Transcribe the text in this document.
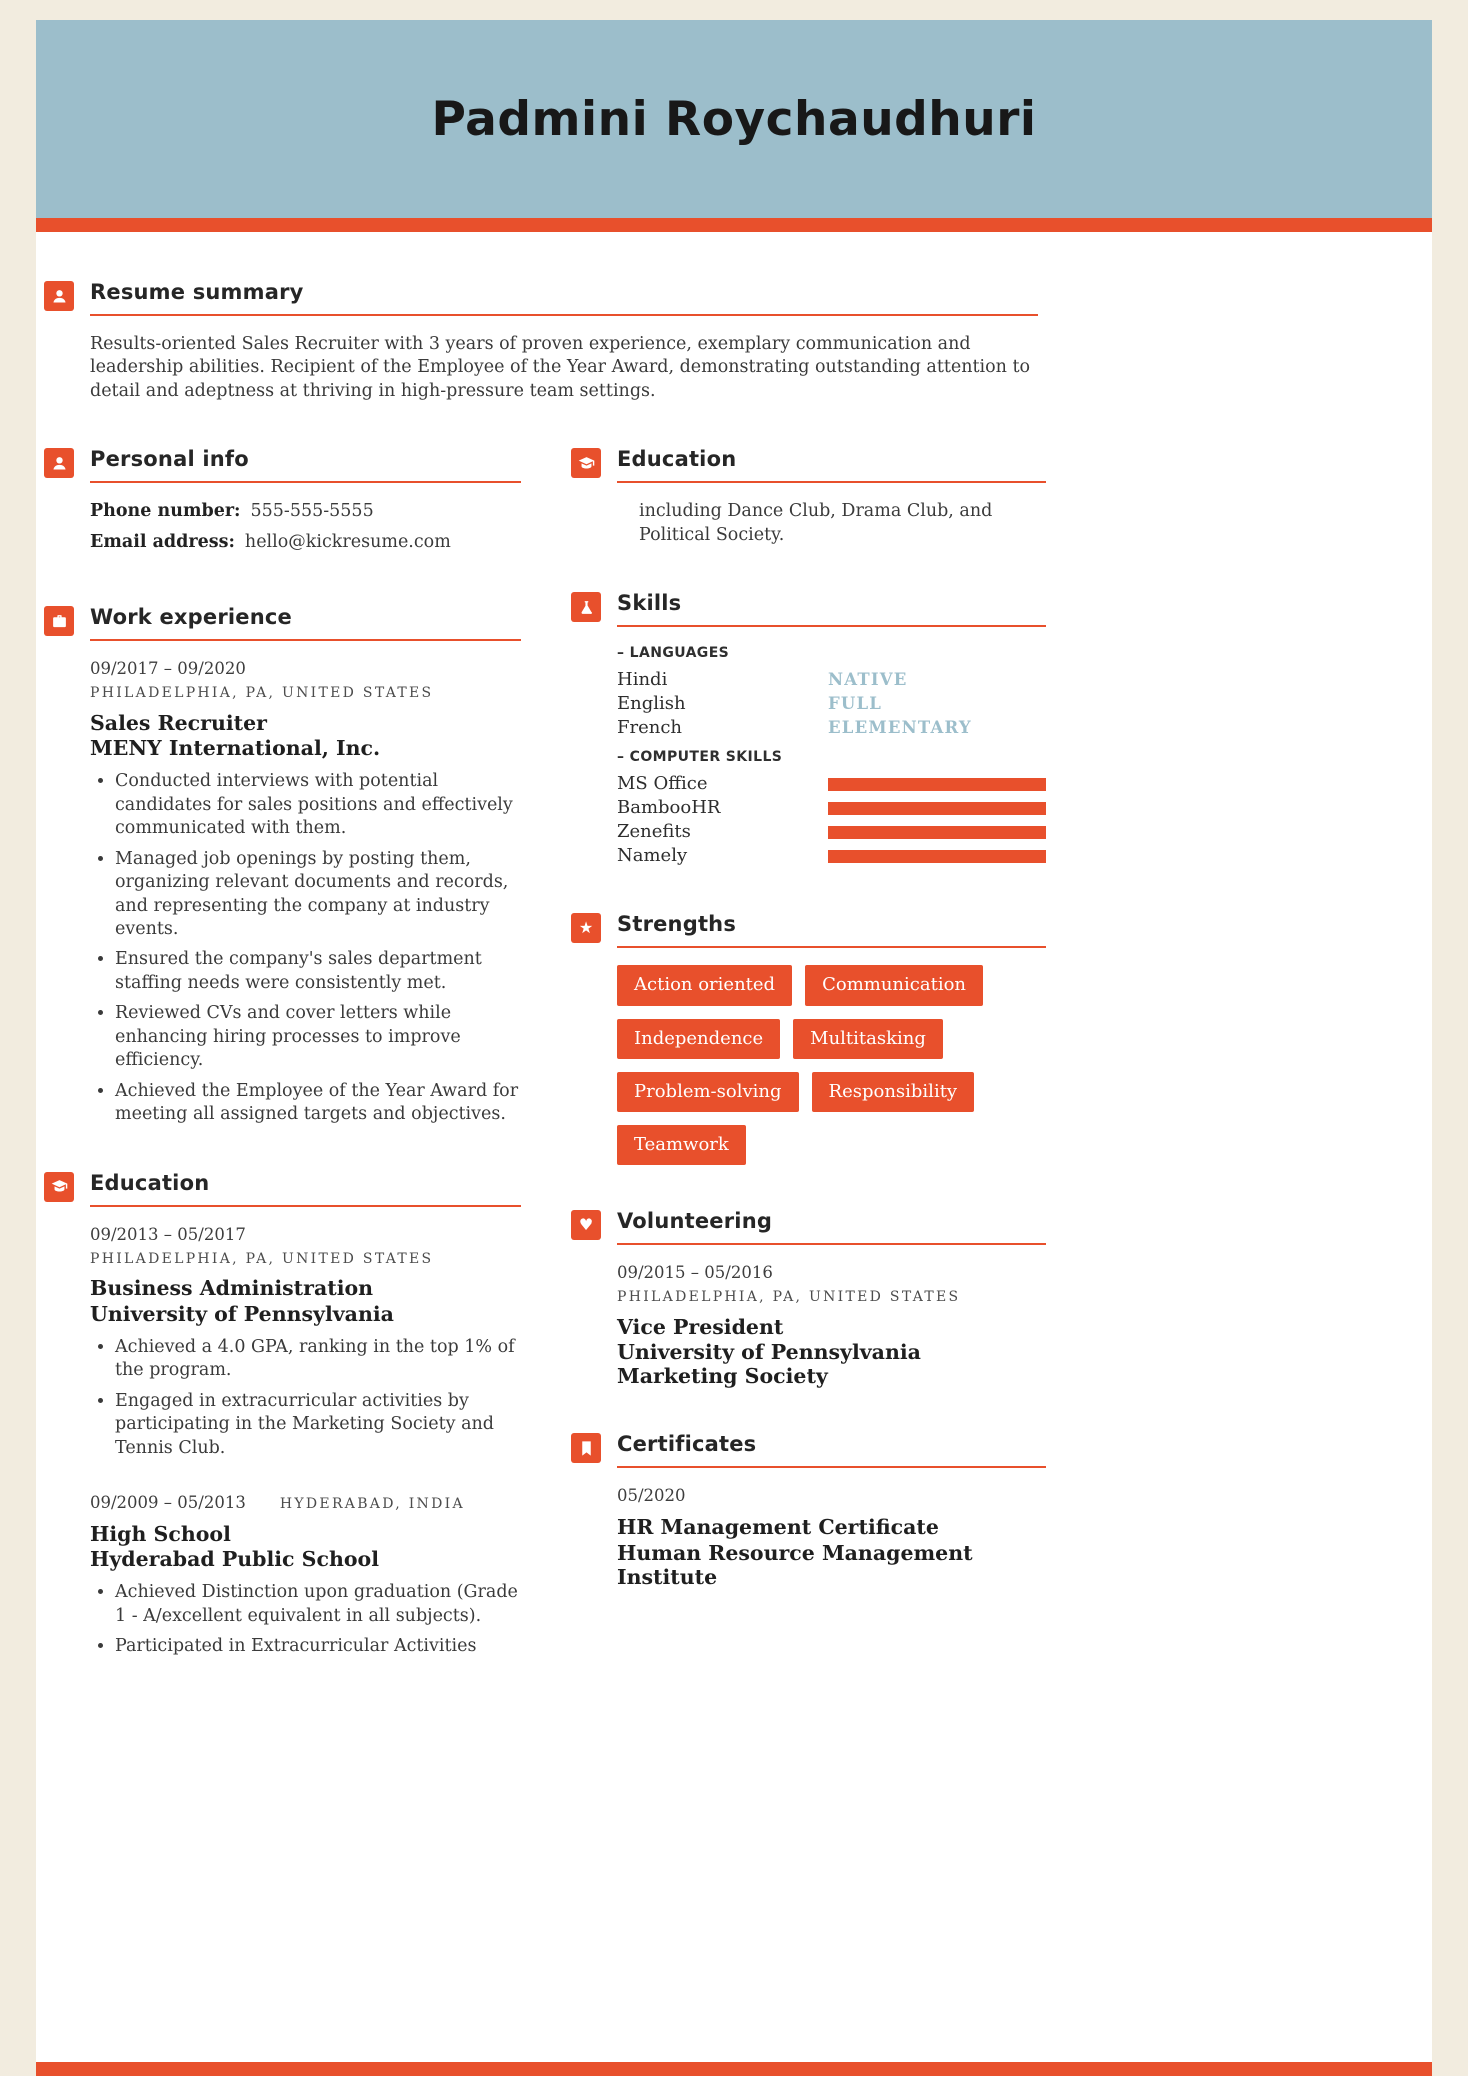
Padmini Roychaudhuri
Resume summary

Results-oriented Sales Recruiter with 3 years of proven experience, exemplary communication and leadership abilities. Recipient of the Employee of the Year Award, demonstrating outstanding attention to detail and adeptness at thriving in high-pressure team settings.

Personal info

Phone number: 555-555-5555

Email address: hello@kickresume.com

Work experience
09/2017 – 09/2020
PHILADELPHIA, PA, UNITED STATES
Sales Recruiter
MENY International, Inc.
• Conducted interviews with potential candidates for sales positions and effectively communicated with them.
• Managed job openings by posting them, organizing relevant documents and records, and representing the company at industry events.
• Ensured the company's sales department staffing needs were consistently met.
• Reviewed CVs and cover letters while enhancing hiring processes to improve efficiency.
• Achieved the Employee of the Year Award for meeting all assigned targets and objectives.
Education
09/2013 – 05/2017
PHILADELPHIA, PA, UNITED STATES
Business Administration
University of Pennsylvania
• Achieved a 4.0 GPA, ranking in the top 1% of the program.
• Engaged in extracurricular activities by participating in the Marketing Society and Tennis Club.
09/2009 – 05/2013 HYDERABAD, INDIA
High School
Hyderabad Public School
• Achieved Distinction upon graduation (Grade 1 - A/excellent equivalent in all subjects).
• Participated in Extracurricular Activities
Education

including Dance Club, Drama Club, and Political Society.

Skills

– LANGUAGES

Hindi	NATIVE
English	FULL
French	ELEMENTARY

– COMPUTER SKILLS

MS Office
BambooHR
Zenefits
Namely
★ Strengths
Action oriented	Communication
Independence	Multitasking
Problem-solving	Responsibility
Teamwork
♥ Volunteering
09/2015 – 05/2016
PHILADELPHIA, PA, UNITED STATES
Vice President
University of Pennsylvania Marketing Society
Certificates
05/2020
HR Management Certificate
Human Resource Management Institute
